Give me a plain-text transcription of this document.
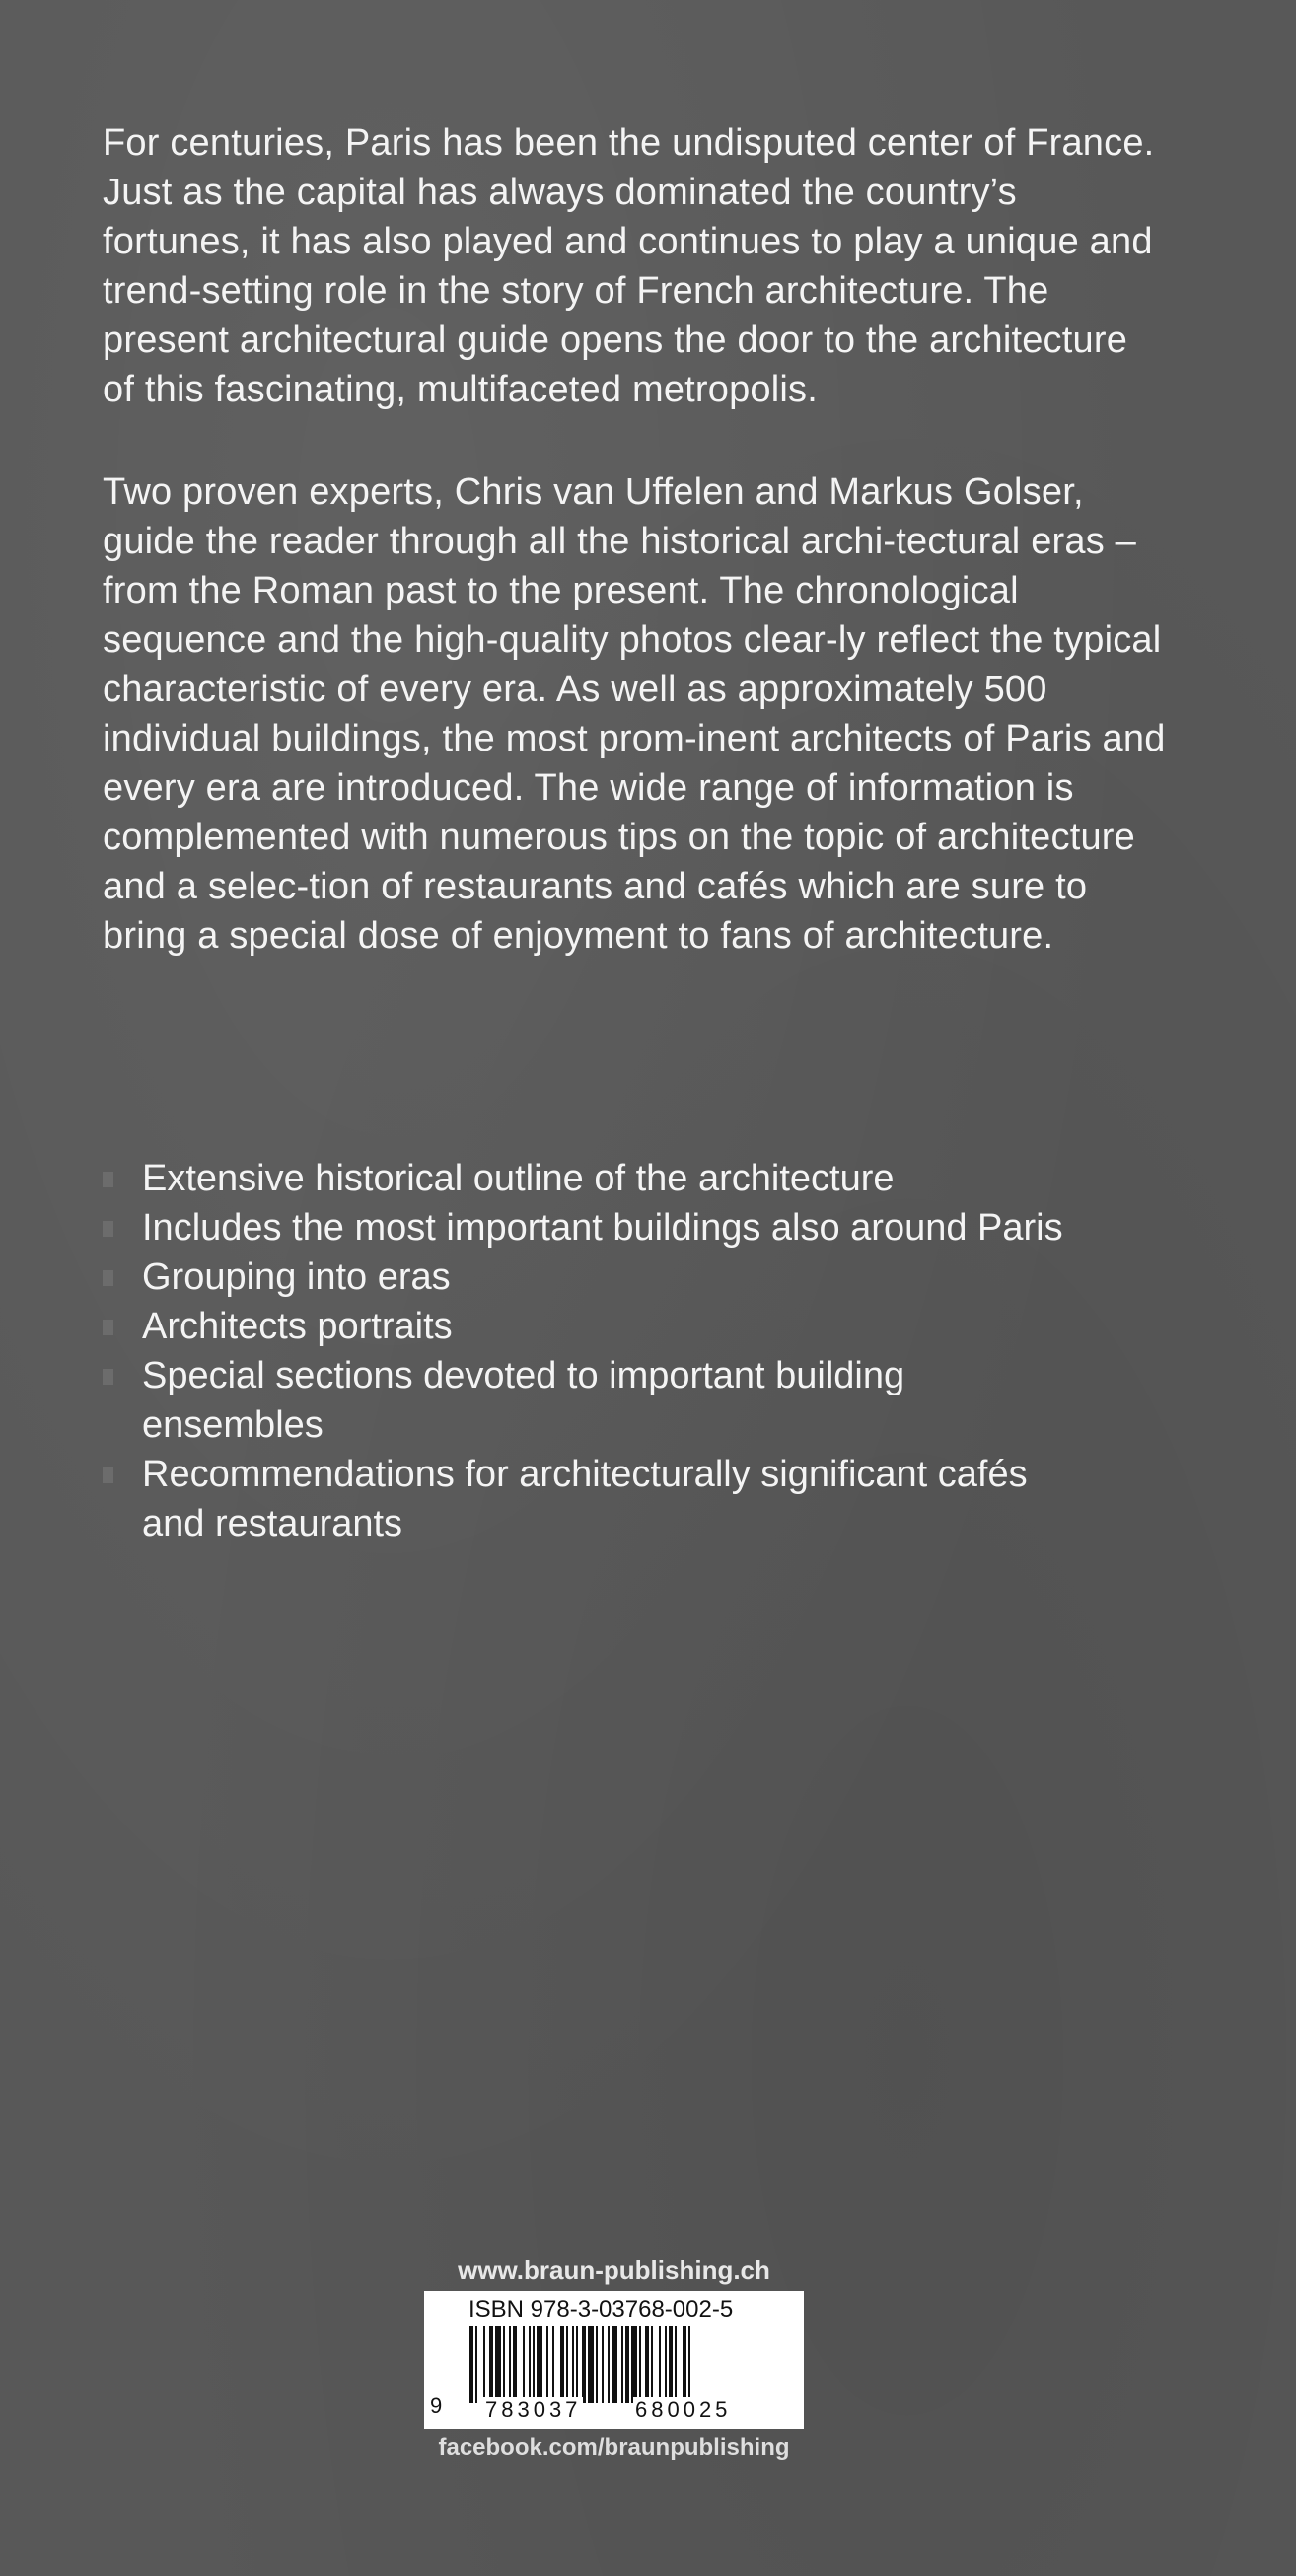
For centuries, Paris has been the undisputed center of France. Just as the capital has always dominated the country’s fortunes, it has also played and continues to play a unique and trend-setting role in the story of French architecture. The present architectural guide opens the door to the architecture of this fascinating, multifaceted metropolis.

Two proven experts, Chris van Uffelen and Markus Golser, guide the reader through all the historical archi-tectural eras – from the Roman past to the present. The chronological sequence and the high-quality photos clear-ly reflect the typical characteristic of every era. As well as approximately 500 individual buildings, the most prom-inent architects of Paris and every era are introduced. The wide range of information is complemented with numerous tips on the topic of architecture and a selec-tion of restaurants and cafés which are sure to bring a special dose of enjoyment to fans of architecture.

Extensive historical outline of the architecture
Includes the most important buildings also around Paris
Grouping into eras
Architects portraits
Special sections devoted to important building ensembles
Recommendations for architecturally significant cafés and restaurants
www.braun-publishing.ch
ISBN 978-3-03768-002-5
9 783037 680025
facebook.com/braunpublishing
